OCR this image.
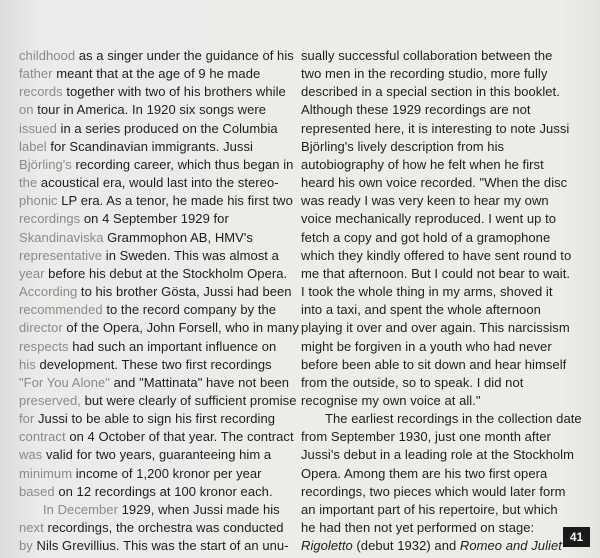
childhood as a singer under the guidance of his
father meant that at the age of 9 he made
records together with two of his brothers while
on tour in America. In 1920 six songs were
issued in a series produced on the Columbia
label for Scandinavian immigrants. Jussi
Björling's recording career, which thus began in
the acoustical era, would last into the stereo-
phonic LP era. As a tenor, he made his first two
recordings on 4 September 1929 for
Skandinaviska Grammophon AB, HMV's
representative in Sweden. This was almost a
year before his debut at the Stockholm Opera.
According to his brother Gösta, Jussi had been
recommended to the record company by the
director of the Opera, John Forsell, who in many
respects had such an important influence on
his development. These two first recordings
"For You Alone" and "Mattinata" have not been
preserved, but were clearly of sufficient promise
for Jussi to be able to sign his first recording
contract on 4 October of that year. The contract
was valid for two years, guaranteeing him a
minimum income of 1,200 kronor per year
based on 12 recordings at 100 kronor each.
In December 1929, when Jussi made his
next recordings, the orchestra was conducted
by Nils Grevillius. This was the start of an unu-
sually successful collaboration between the
two men in the recording studio, more fully
described in a special section in this booklet.
Although these 1929 recordings are not
represented here, it is interesting to note Jussi
Björling's lively description from his
autobiography of how he felt when he first
heard his own voice recorded. "When the disc
was ready I was very keen to hear my own
voice mechanically reproduced. I went up to
fetch a copy and got hold of a gramophone
which they kindly offered to have sent round to
me that afternoon. But I could not bear to wait.
I took the whole thing in my arms, shoved it
into a taxi, and spent the whole afternoon
playing it over and over again. This narcissism
might be forgiven in a youth who had never
before been able to sit down and hear himself
from the outside, so to speak. I did not
recognise my own voice at all."
The earliest recordings in the collection date
from September 1930, just one month after
Jussi's debut in a leading role at the Stockholm
Opera. Among them are his two first opera
recordings, two pieces which would later form
an important part of his repertoire, but which
he had then not yet performed on stage:
Rigoletto (debut 1932) and Romeo and Juliet
41
